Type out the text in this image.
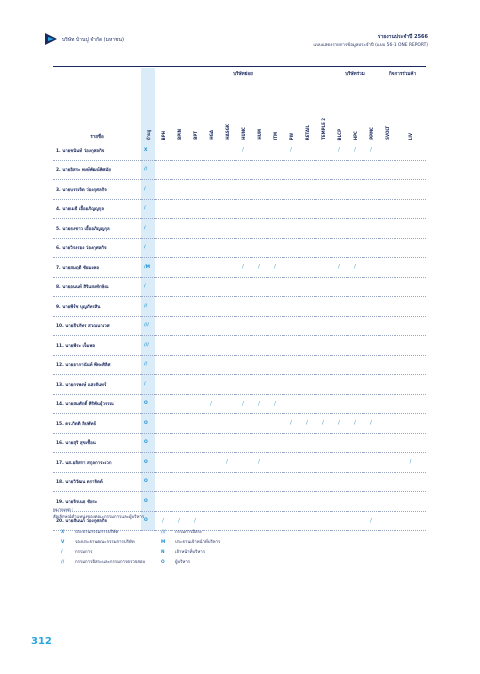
บริษัท บ้านปู จำกัด (มหาชน)	รายงานประจำปี 2566
แบบแสดงรายการข้อมูลประจำปี (แบบ 56-1 ONE REPORT)
รายชื่อ		บริษัทย่อย											บริษัทร่วม			กิจการร่วมค้า	
	บ้านปู	BPH	BPIN	BPT	HGA	HASGK	HUNC	HUM	ITM	PW	RETAIL	TEMPLE 2	BLCP	HPC	PPMC	SVOLT	LIV
1. นายชนินท์ ว่องกุศลกิจ	X						/			/			/	/	/		
2. นายอิสระ พงษ์พัฒน์พิศมัย	//																
3. นายบรรเจิด ว่องกุศลกิจ	/																
4. นายเมธี เอื้ออภิญญกุล	/																
5. นายธงชาว เอื้ออภิญญกุล	/																
6. นายวิรงรอง ว่องกุศลกิจ	/																
7. นายสมฤดี ชัยมงคล	/M						/	/	/				/	/			
8. นายอนนท์ สิริแสงทักษิณ	/																
9. นายพีร์ช บุญภัทรสิน	//																
10. นายธีรภัทร สวณนาเวศ	///																
11. นายพีระ เจ็มพล	///																
12. นายอากานันท์ พีทะศิลิศ	//																
13. นายกรพงษ์ แสงจันทร์	/																
14. นายสมศักดิ์ ศิริพันธุ์วรรณ	O				/		/	/	/								
15. ดร.กิตติ ลิปพัทธ์	O									/	/	/	/	/	/		
16. นายสุริ สุขเชื้อน	O																
17. นส.อลิสรา สกุลการะเวก	O					/		/									/
18. นายวิวัฒน ตราจิตต์	O																
19. นายจิรเนธ ชัยระ	O																
20. นายสันนภ์ ว่องกุศลกิจ	O	/	/	/											/		
หมายเหตุ :
สัญลักษณ์ตำแหน่งของคณะกรรมการและผู้บริหาร
X ประธานกรรมการบริษัท
V รองประธานคณะกรรมการบริษัท
/	กรรมการ
//	กรรมการอิสระและกรรมการตรวจสอบ
/// กรรมการอิสระ
M ประธานเจ้าหน้าที่บริหาร
N เจ้าหน้าที่บริหาร
O ผู้บริหาร
312
